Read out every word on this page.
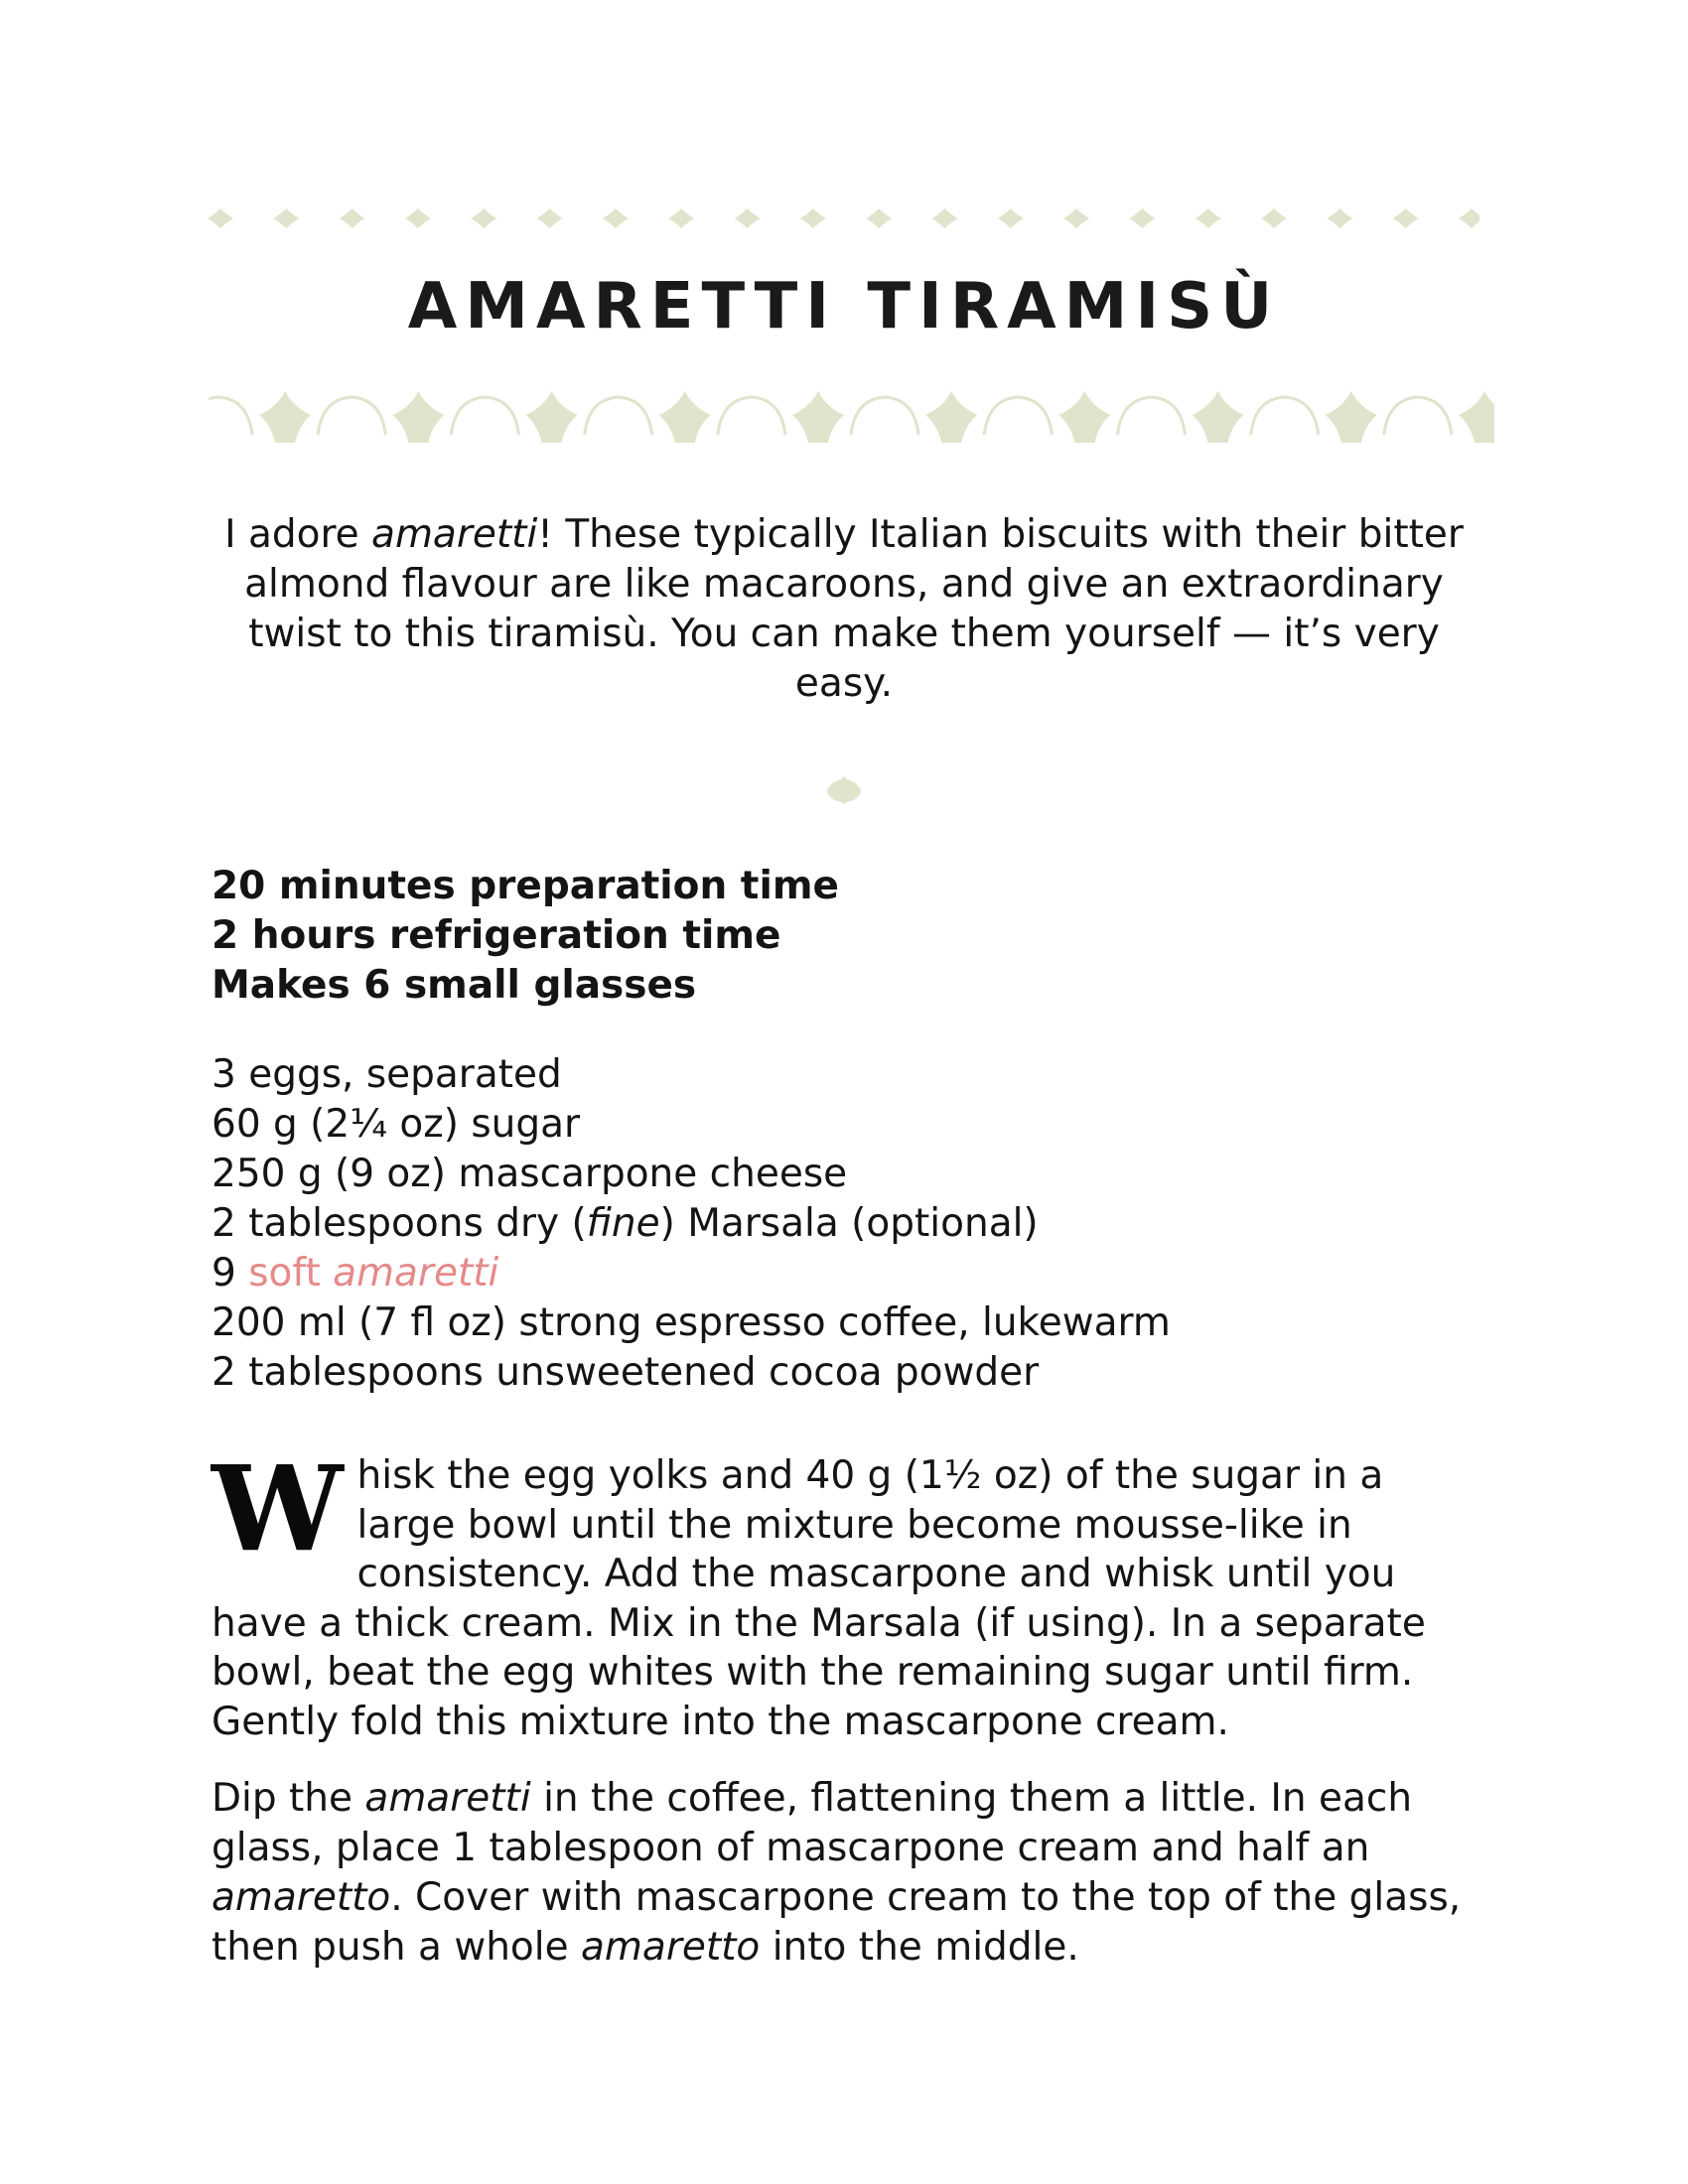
AMARETTI TIRAMISÙ

I adore amaretti! These typically Italian biscuits with their bitter almond flavour are like macaroons, and give an extraordinary twist to this tiramisù. You can make them yourself — it’s very easy.

20 minutes preparation time
2 hours refrigeration time
Makes 6 small glasses
3 eggs, separated
60 g (2¼ oz) sugar
250 g (9 oz) mascarpone cheese
2 tablespoons dry (fine) Marsala (optional)
9 soft amaretti
200 ml (7 fl oz) strong espresso coffee, lukewarm
2 tablespoons unsweetened cocoa powder

Whisk the egg yolks and 40 g (1½ oz) of the sugar in a large bowl until the mixture become mousse-like in consistency. Add the mascarpone and whisk until you have a thick cream. Mix in the Marsala (if using). In a separate bowl, beat the egg whites with the remaining sugar until firm. Gently fold this mixture into the mascarpone cream.

Dip the amaretti in the coffee, flattening them a little. In each glass, place 1 tablespoon of mascarpone cream and half an amaretto. Cover with mascarpone cream to the top of the glass, then push a whole amaretto into the middle.
